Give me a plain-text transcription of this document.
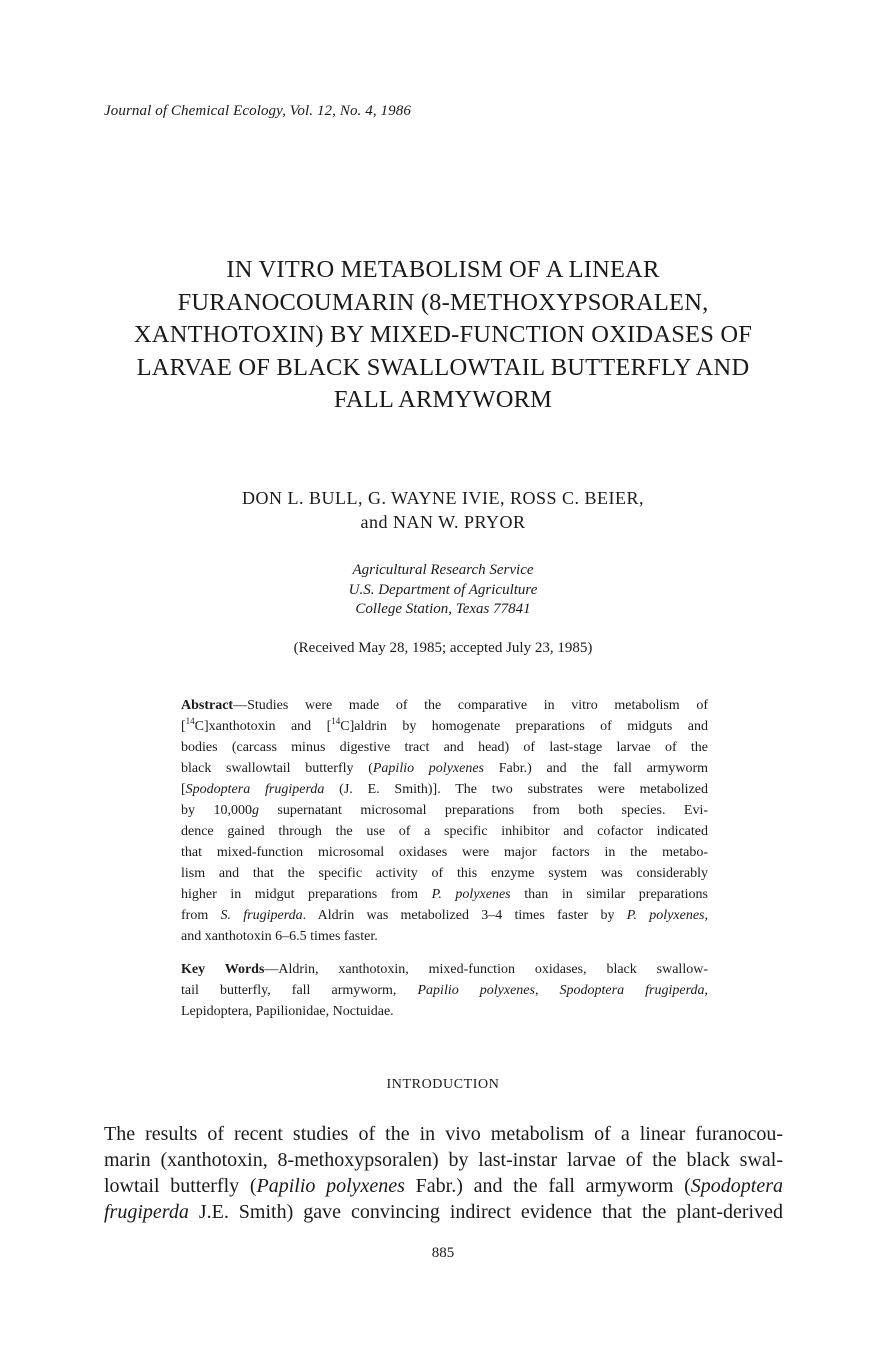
Journal of Chemical Ecology, Vol. 12, No. 4, 1986
IN VITRO METABOLISM OF A LINEAR
FURANOCOUMARIN (8-METHOXYPSORALEN,
XANTHOTOXIN) BY MIXED-FUNCTION OXIDASES OF
LARVAE OF BLACK SWALLOWTAIL BUTTERFLY AND
FALL ARMYWORM
DON L. BULL, G. WAYNE IVIE, ROSS C. BEIER,
and NAN W. PRYOR
Agricultural Research Service
U.S. Department of Agriculture
College Station, Texas 77841
(Received May 28, 1985; accepted July 23, 1985)
Abstract—Studies were made of the comparative in vitro metabolism of
[$^{14}$C]xanthotoxin and [$^{14}$C]aldrin by homogenate preparations of midguts and
bodies (carcass minus digestive tract and head) of last-stage larvae of the
black swallowtail butterfly (Papilio polyxenes Fabr.) and the fall armyworm
[Spodoptera frugiperda (J. E. Smith)]. The two substrates were metabolized
by 10,000g supernatant microsomal preparations from both species. Evi-
dence gained through the use of a specific inhibitor and cofactor indicated
that mixed-function microsomal oxidases were major factors in the metabo-
lism and that the specific activity of this enzyme system was considerably
higher in midgut preparations from P. polyxenes than in similar preparations
from S. frugiperda. Aldrin was metabolized 3–4 times faster by P. polyxenes,
and xanthotoxin 6–6.5 times faster.
Key Words—Aldrin, xanthotoxin, mixed-function oxidases, black swallow-
tail butterfly, fall armyworm, Papilio polyxenes, Spodoptera frugiperda,
Lepidoptera, Papilionidae, Noctuidae.
INTRODUCTION
The results of recent studies of the in vivo metabolism of a linear furanocou-
marin (xanthotoxin, 8-methoxypsoralen) by last-instar larvae of the black swal-
lowtail butterfly (Papilio polyxenes Fabr.) and the fall armyworm (Spodoptera
frugiperda J.E. Smith) gave convincing indirect evidence that the plant-derived
885
